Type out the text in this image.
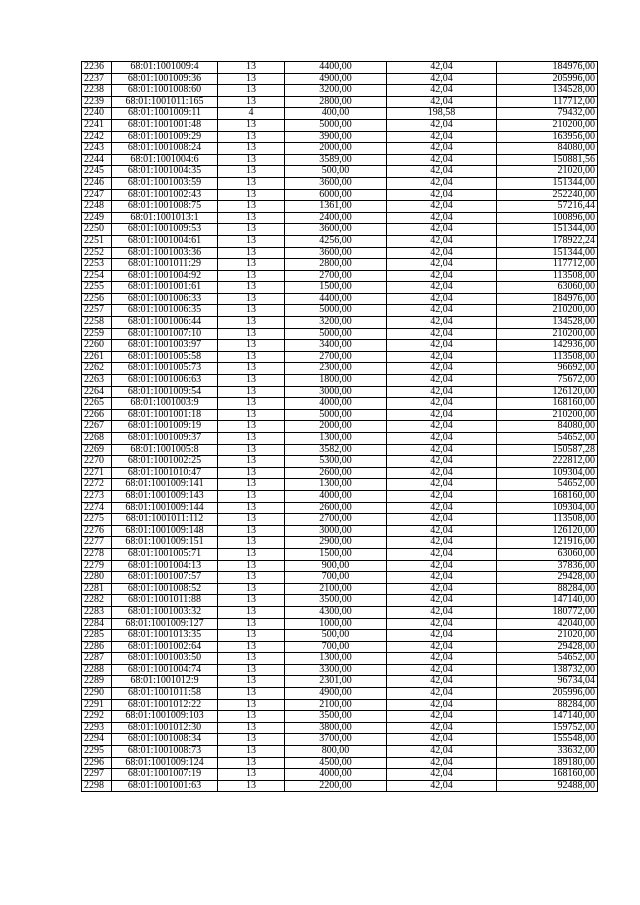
2236	68:01:1001009:4	13	4400,00	42,04	184976,00
2237	68:01:1001009:36	13	4900,00	42,04	205996,00
2238	68:01:1001008:60	13	3200,00	42,04	134528,00
2239	68:01:1001011:165	13	2800,00	42,04	117712,00
2240	68:01:1001009:11	4	400,00	198,58	79432,00
2241	68:01:1001001:48	13	5000,00	42,04	210200,00
2242	68:01:1001009:29	13	3900,00	42,04	163956,00
2243	68:01:1001008:24	13	2000,00	42,04	84080,00
2244	68:01:1001004:6	13	3589,00	42,04	150881,56
2245	68:01:1001004:35	13	500,00	42,04	21020,00
2246	68:01:1001003:59	13	3600,00	42,04	151344,00
2247	68:01:1001002:43	13	6000,00	42,04	252240,00
2248	68:01:1001008:75	13	1361,00	42,04	57216,44
2249	68:01:1001013:1	13	2400,00	42,04	100896,00
2250	68:01:1001009:53	13	3600,00	42,04	151344,00
2251	68:01:1001004:61	13	4256,00	42,04	178922,24
2252	68:01:1001003:36	13	3600,00	42,04	151344,00
2253	68:01:1001011:29	13	2800,00	42,04	117712,00
2254	68:01:1001004:92	13	2700,00	42,04	113508,00
2255	68:01:1001001:61	13	1500,00	42,04	63060,00
2256	68:01:1001006:33	13	4400,00	42,04	184976,00
2257	68:01:1001006:35	13	5000,00	42,04	210200,00
2258	68:01:1001006:44	13	3200,00	42,04	134528,00
2259	68:01:1001007:10	13	5000,00	42,04	210200,00
2260	68:01:1001003:97	13	3400,00	42,04	142936,00
2261	68:01:1001005:58	13	2700,00	42,04	113508,00
2262	68:01:1001005:73	13	2300,00	42,04	96692,00
2263	68:01:1001006:63	13	1800,00	42,04	75672,00
2264	68:01:1001009:54	13	3000,00	42,04	126120,00
2265	68:01:1001003:9	13	4000,00	42,04	168160,00
2266	68:01:1001001:18	13	5000,00	42,04	210200,00
2267	68:01:1001009:19	13	2000,00	42,04	84080,00
2268	68:01:1001009:37	13	1300,00	42,04	54652,00
2269	68:01:1001005:8	13	3582,00	42,04	150587,28
2270	68:01:1001002:25	13	5300,00	42,04	222812,00
2271	68:01:1001010:47	13	2600,00	42,04	109304,00
2272	68:01:1001009:141	13	1300,00	42,04	54652,00
2273	68:01:1001009:143	13	4000,00	42,04	168160,00
2274	68:01:1001009:144	13	2600,00	42,04	109304,00
2275	68:01:1001011:112	13	2700,00	42,04	113508,00
2276	68:01:1001009:148	13	3000,00	42,04	126120,00
2277	68:01:1001009:151	13	2900,00	42,04	121916,00
2278	68:01:1001005:71	13	1500,00	42,04	63060,00
2279	68:01:1001004:13	13	900,00	42,04	37836,00
2280	68:01:1001007:57	13	700,00	42,04	29428,00
2281	68:01:1001008:52	13	2100,00	42,04	88284,00
2282	68:01:1001011:88	13	3500,00	42,04	147140,00
2283	68:01:1001003:32	13	4300,00	42,04	180772,00
2284	68:01:1001009:127	13	1000,00	42,04	42040,00
2285	68:01:1001013:35	13	500,00	42,04	21020,00
2286	68:01:1001002:64	13	700,00	42,04	29428,00
2287	68:01:1001003:50	13	1300,00	42,04	54652,00
2288	68:01:1001004:74	13	3300,00	42,04	138732,00
2289	68:01:1001012:9	13	2301,00	42,04	96734,04
2290	68:01:1001011:58	13	4900,00	42,04	205996,00
2291	68:01:1001012:22	13	2100,00	42,04	88284,00
2292	68:01:1001009:103	13	3500,00	42,04	147140,00
2293	68:01:1001012:30	13	3800,00	42,04	159752,00
2294	68:01:1001008:34	13	3700,00	42,04	155548,00
2295	68:01:1001008:73	13	800,00	42,04	33632,00
2296	68:01:1001009:124	13	4500,00	42,04	189180,00
2297	68:01:1001007:19	13	4000,00	42,04	168160,00
2298	68:01:1001001:63	13	2200,00	42,04	92488,00
